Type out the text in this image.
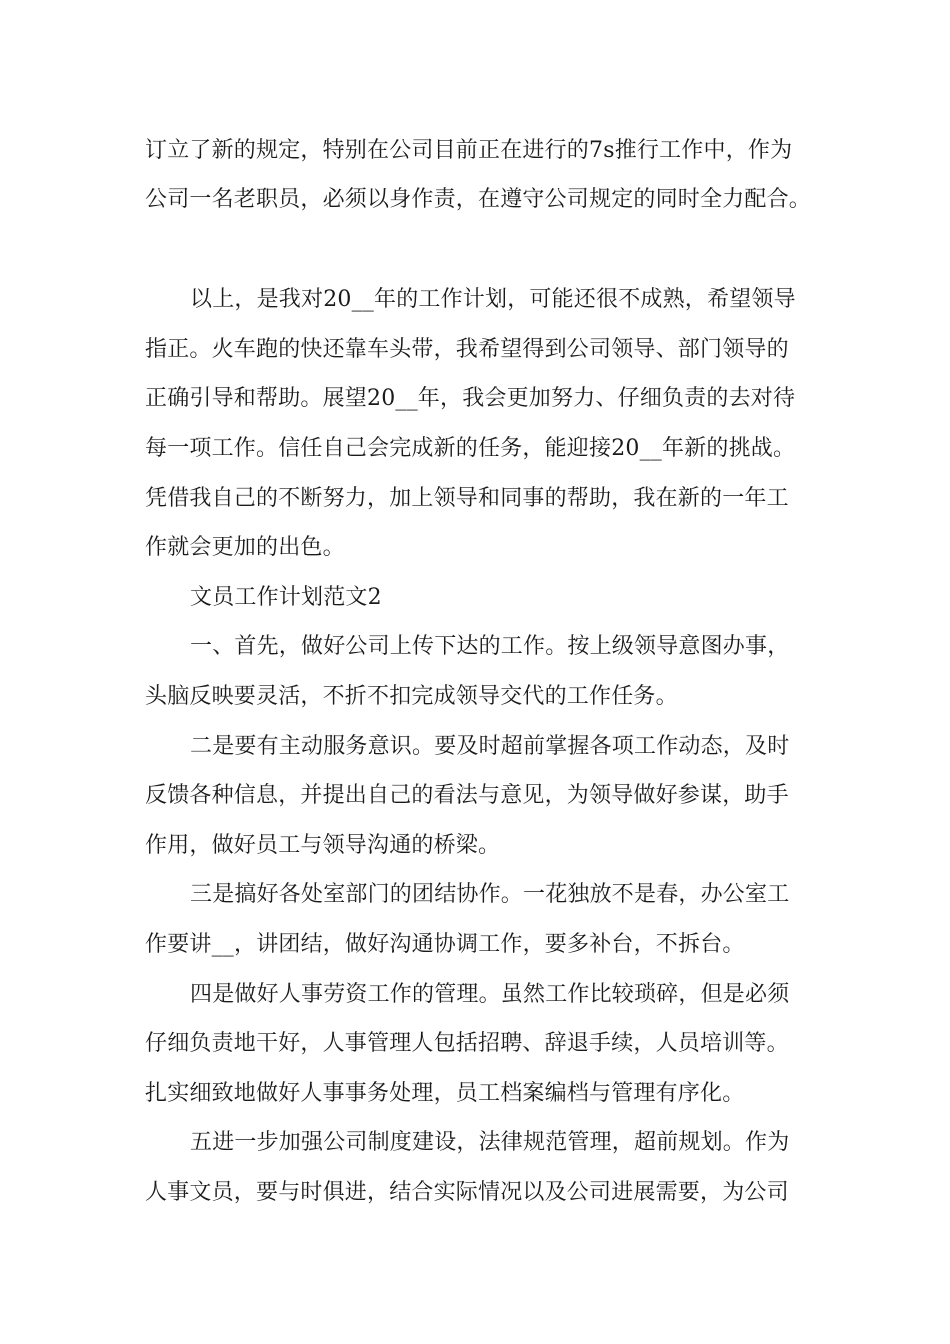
订立了新的规定，特别在公司目前正在进行的7s推行工作中，作为

公司一名老职员，必须以身作责，在遵守公司规定的同时全力配合。

以上，是我对20__年的工作计划，可能还很不成熟，希望领导

指正。火车跑的快还靠车头带，我希望得到公司领导、部门领导的

正确引导和帮助。展望20__年，我会更加努力、仔细负责的去对待

每一项工作。信任自己会完成新的任务，能迎接20__年新的挑战。

凭借我自己的不断努力，加上领导和同事的帮助，我在新的一年工

作就会更加的出色。

文员工作计划范文2

一、首先，做好公司上传下达的工作。按上级领导意图办事，

头脑反映要灵活，不折不扣完成领导交代的工作任务。

二是要有主动服务意识。要及时超前掌握各项工作动态，及时

反馈各种信息，并提出自己的看法与意见，为领导做好参谋，助手

作用，做好员工与领导沟通的桥梁。

三是搞好各处室部门的团结协作。一花独放不是春，办公室工

作要讲__，讲团结，做好沟通协调工作，要多补台，不拆台。

四是做好人事劳资工作的管理。虽然工作比较琐碎，但是必须

仔细负责地干好，人事管理人包括招聘、辞退手续，人员培训等。

扎实细致地做好人事事务处理，员工档案编档与管理有序化。

五进一步加强公司制度建设，法律规范管理，超前规划。作为

人事文员，要与时俱进，结合实际情况以及公司进展需要，为公司
